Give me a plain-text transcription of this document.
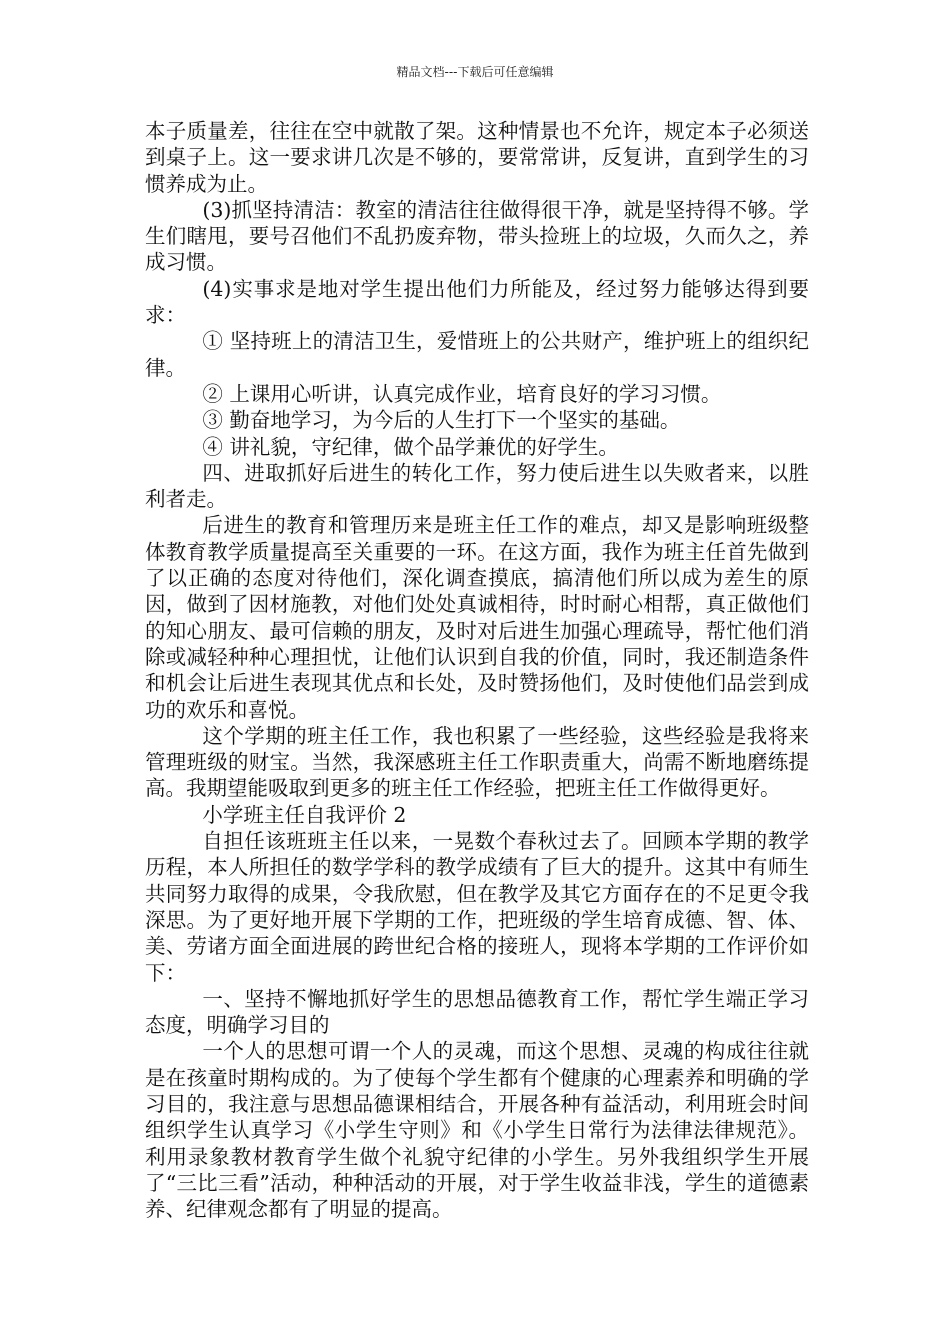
精品文档---下载后可任意编辑

本子质量差，往往在空中就散了架。这种情景也不允许，规定本子必须送到桌子上。这一要求讲几次是不够的，要常常讲，反复讲，直到学生的习惯养成为止。

(3)抓坚持清洁：教室的清洁往往做得很干净，就是坚持得不够。学生们瞎甩，要号召他们不乱扔废弃物，带头捡班上的垃圾，久而久之，养成习惯。

(4)实事求是地对学生提出他们力所能及，经过努力能够达得到要求：

① 坚持班上的清洁卫生，爱惜班上的公共财产，维护班上的组织纪律。

② 上课用心听讲，认真完成作业，培育良好的学习习惯。

③ 勤奋地学习，为今后的人生打下一个坚实的基础。

④ 讲礼貌，守纪律，做个品学兼优的好学生。

四、进取抓好后进生的转化工作，努力使后进生以失败者来，以胜利者走。

后进生的教育和管理历来是班主任工作的难点，却又是影响班级整体教育教学质量提高至关重要的一环。在这方面，我作为班主任首先做到了以正确的态度对待他们，深化调查摸底，搞清他们所以成为差生的原因，做到了因材施教，对他们处处真诚相待，时时耐心相帮，真正做他们的知心朋友、最可信赖的朋友，及时对后进生加强心理疏导，帮忙他们消除或减轻种种心理担忧，让他们认识到自我的价值，同时，我还制造条件和机会让后进生表现其优点和长处，及时赞扬他们，及时使他们品尝到成功的欢乐和喜悦。

这个学期的班主任工作，我也积累了一些经验，这些经验是我将来管理班级的财宝。当然，我深感班主任工作职责重大，尚需不断地磨练提高。我期望能吸取到更多的班主任工作经验，把班主任工作做得更好。

小学班主任自我评价 2

自担任该班班主任以来，一晃数个春秋过去了。回顾本学期的教学历程，本人所担任的数学学科的教学成绩有了巨大的提升。这其中有师生共同努力取得的成果，令我欣慰，但在教学及其它方面存在的不足更令我深思。为了更好地开展下学期的工作，把班级的学生培育成德、智、体、美、劳诸方面全面进展的跨世纪合格的接班人，现将本学期的工作评价如下：

一、坚持不懈地抓好学生的思想品德教育工作，帮忙学生端正学习态度，明确学习目的

一个人的思想可谓一个人的灵魂，而这个思想、灵魂的构成往往就是在孩童时期构成的。为了使每个学生都有个健康的心理素养和明确的学习目的，我注意与思想品德课相结合，开展各种有益活动，利用班会时间组织学生认真学习《小学生守则》和《小学生日常行为法律法律规范》。利用录象教材教育学生做个礼貌守纪律的小学生。另外我组织学生开展了“三比三看”活动，种种活动的开展，对于学生收益非浅，学生的道德素养、纪律观念都有了明显的提高。
